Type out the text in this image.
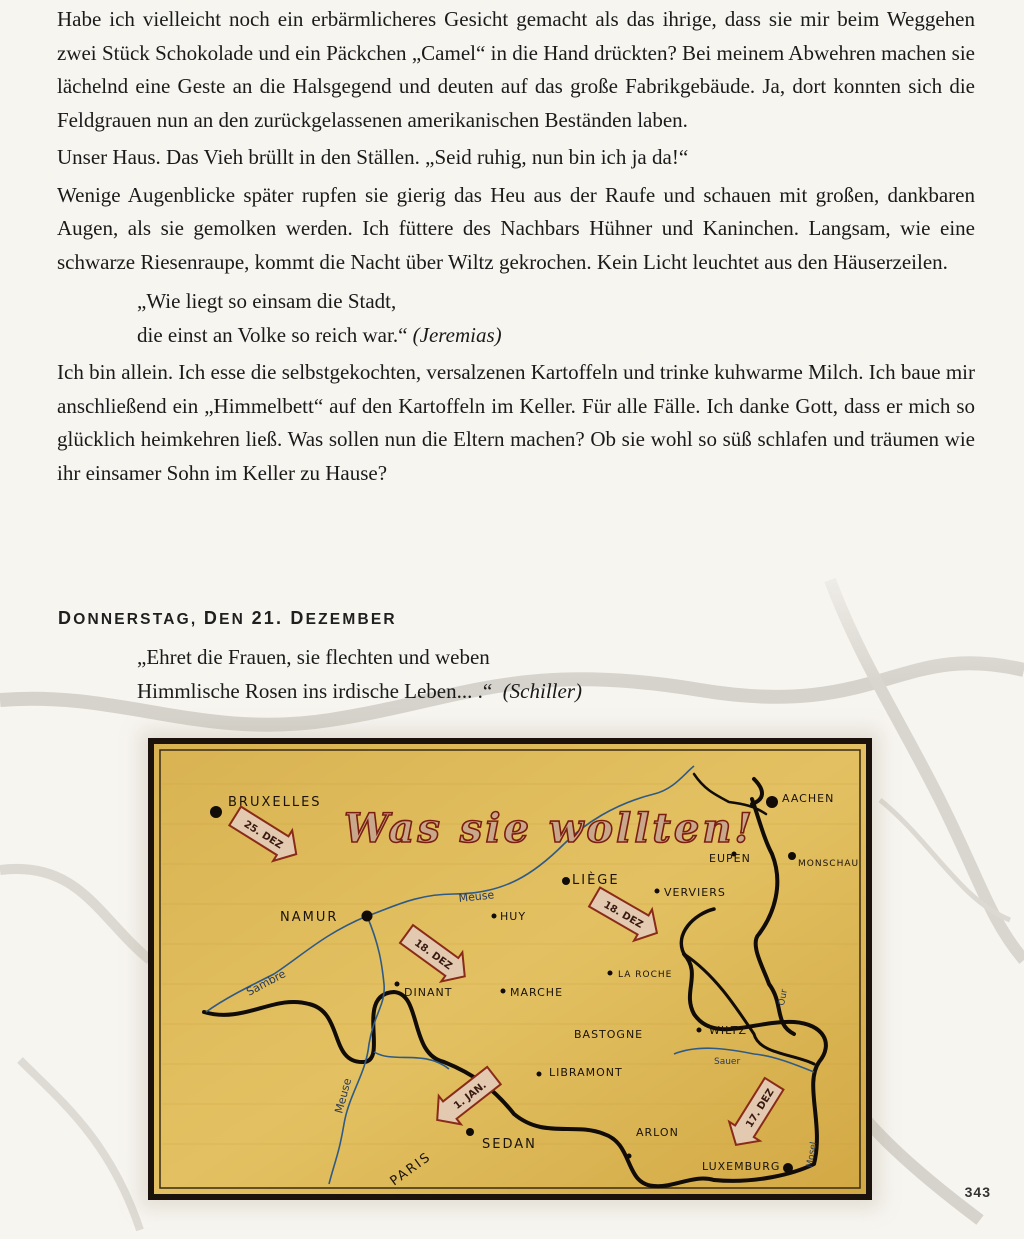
Habe ich vielleicht noch ein erbärmlicheres Gesicht gemacht als das ihrige, dass sie mir beim Weggehen zwei Stück Schokolade und ein Päckchen „Camel“ in die Hand drückten? Bei meinem Abwehren machen sie lächelnd eine Geste an die Halsgegend und deuten auf das große Fabrikgebäude. Ja, dort konnten sich die Feldgrauen nun an den zurückgelassenen amerikanischen Beständen laben.

Unser Haus. Das Vieh brüllt in den Ställen. „Seid ruhig, nun bin ich ja da!“

Wenige Augenblicke später rupfen sie gierig das Heu aus der Raufe und schauen mit großen, dankbaren Augen, als sie gemolken werden. Ich füttere des Nachbars Hühner und Kaninchen. Langsam, wie eine schwarze Riesenraupe, kommt die Nacht über Wiltz gekrochen. Kein Licht leuchtet aus den Häuserzeilen.

„Wie liegt so einsam die Stadt,
die einst an Volke so reich war.“ (Jeremias)

Ich bin allein. Ich esse die selbstgekochten, versalzenen Kartoffeln und trinke kuhwarme Milch. Ich baue mir anschließend ein „Himmelbett“ auf den Kartoffeln im Keller. Für alle Fälle. Ich danke Gott, dass er mich so glücklich heimkehren ließ. Was sollen nun die Eltern machen? Ob sie wohl so süß schlafen und träumen wie ihr einsamer Sohn im Keller zu Hause?

DONNERSTAG, DEN 21. DEZEMBER
„Ehret die Frauen, sie flechten und weben
Himmlische Rosen ins irdische Leben... .“ (Schiller)
Was sie wollten!
BRUXELLES	AACHEN
EUPEN	MONSCHAU
LIÈGE
VERVIERS
NAMUR	HUY
DINANT	MARCHE
LA ROCHE
BASTOGNE	WILTZ
LIBRAMONT
ARLON
SEDAN
PARIS	LUXEMBURG
Meuse
Sambre
Meuse
Sauer
Mosel
Our
25. DEZ
18. DEZ
18. DEZ
1. JAN.	17. DEZ
343
